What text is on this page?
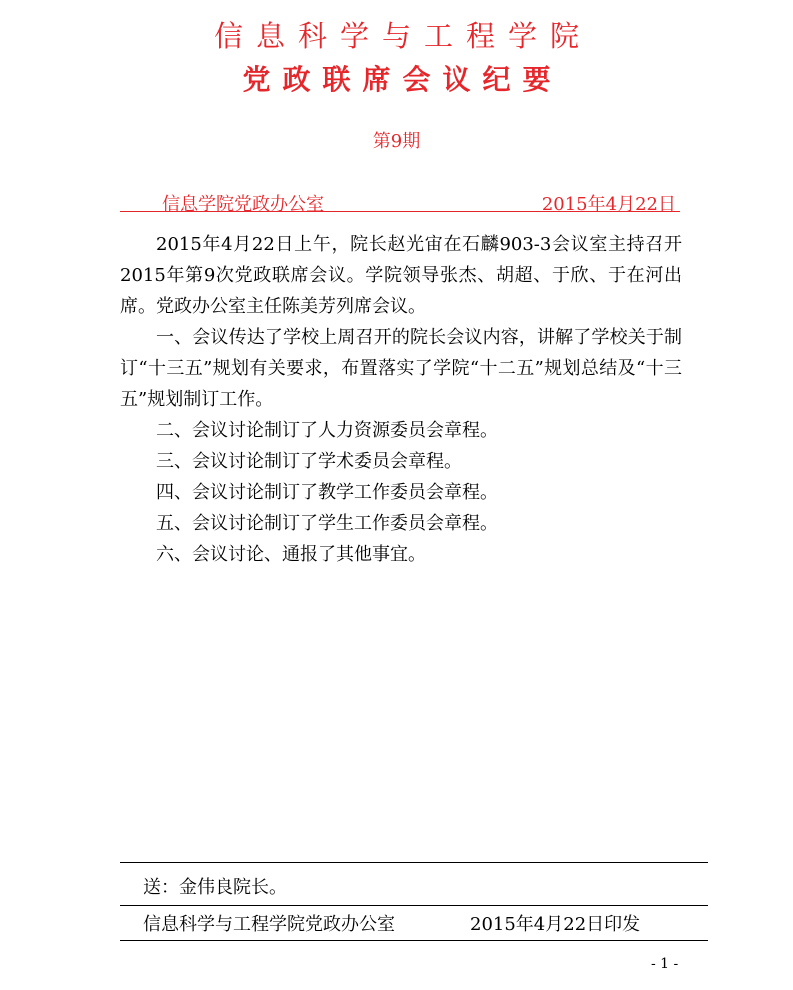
信息科学与工程学院
党政联席会议纪要
第9期
信息学院党政办公室	2015年4月22日

2015年4月22日上午，院长赵光宙在石麟903-3会议室主持召开2015年第9次党政联席会议。学院领导张杰、胡超、于欣、于在河出席。党政办公室主任陈美芳列席会议。

一、会议传达了学校上周召开的院长会议内容，讲解了学校关于制订“十三五”规划有关要求，布置落实了学院“十二五”规划总结及“十三五”规划制订工作。

二、会议讨论制订了人力资源委员会章程。

三、会议讨论制订了学术委员会章程。

四、会议讨论制订了教学工作委员会章程。

五、会议讨论制订了学生工作委员会章程。

六、会议讨论、通报了其他事宜。

送：金伟良院长。
信息科学与工程学院党政办公室	2015年4月22日印发
- 1 -
